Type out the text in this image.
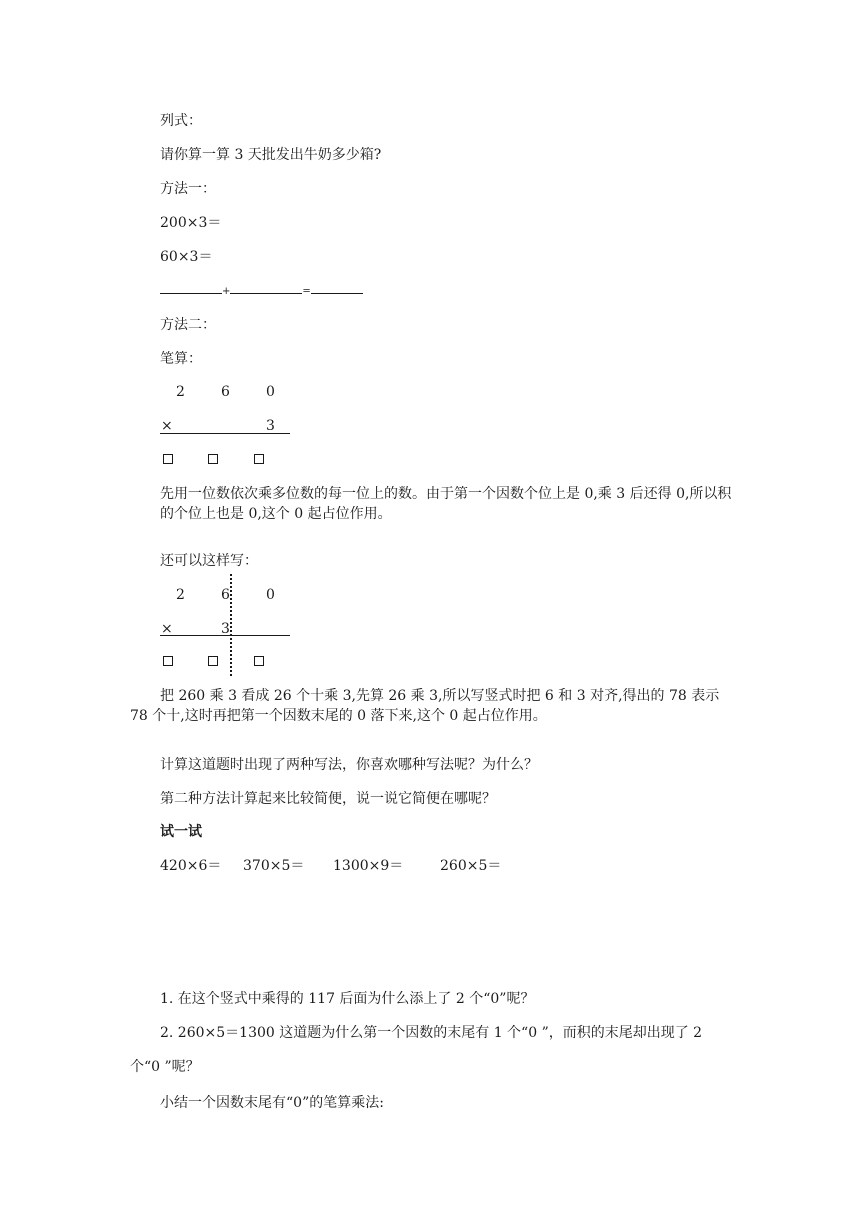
列式：
请你算一算 3 天批发出牛奶多少箱?
方法一：
200×3＝
60×3＝
+	=
方法二：
笔算：
2	6	0
×	3
先用一位数依次乘多位数的每一位上的数。由于第一个因数个位上是 0,乘 3 后还得 0,所以积的个位上也是 0,这个 0 起占位作用。
还可以这样写：
2	6	0
×	3
把 260 乘 3 看成 26 个十乘 3,先算 26 乘 3,所以写竖式时把 6 和 3 对齐,得出的 78 表示 78 个十,这时再把第一个因数末尾的 0 落下来,这个 0 起占位作用。
计算这道题时出现了两种写法，你喜欢哪种写法呢？为什么？
第二种方法计算起来比较简便，说一说它简便在哪呢？
试一试
420×6＝ 370×5＝ 1300×9＝	260×5＝
1. 在这个竖式中乘得的 117 后面为什么添上了 2 个“0”呢？
2. 260×5＝1300 这道题为什么第一个因数的末尾有 1 个“0 ”，而积的末尾却出现了 2 个“0 ”呢？
小结一个因数末尾有“0”的笔算乘法:
